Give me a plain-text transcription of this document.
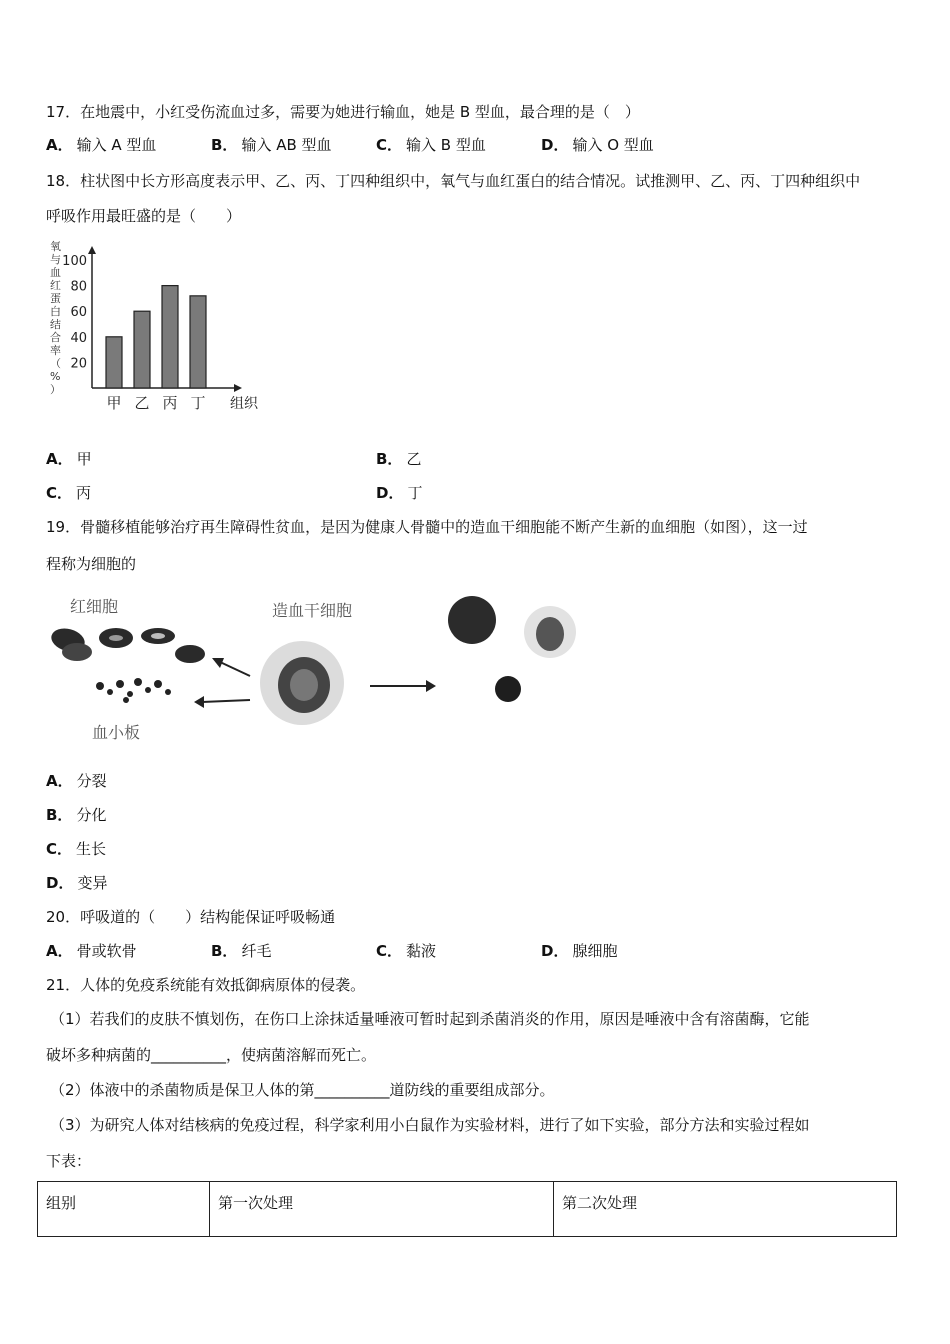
17．在地震中，小红受伤流血过多，需要为她进行输血，她是 B 型血，最合理的是（　）
A． 输入 A 型血	B． 输入 AB 型血	C． 输入 B 型血	D． 输入 O 型血
18．柱状图中长方形高度表示甲、乙、丙、丁四种组织中，氧气与血红蛋白的结合情况。试推测甲、乙、丙、丁四种组织中
呼吸作用最旺盛的是（　　）
氧
与
血
红
蛋
白
结
合
率
（
%
）
20
40
60
80
100
甲 乙 丙 丁 组织
A． 甲	B． 乙
C． 丙	D． 丁
19．骨髓移植能够治疗再生障碍性贫血，是因为健康人骨髓中的造血干细胞能不断产生新的血细胞（如图），这一过
程称为细胞的
红细胞	造血干细胞
血小板
A． 分裂
B． 分化
C． 生长
D． 变异
20．呼吸道的（　　）结构能保证呼吸畅通
A． 骨或软骨	B． 纤毛	C． 黏液	D． 腺细胞
21．人体的免疫系统能有效抵御病原体的侵袭。
（1）若我们的皮肤不慎划伤，在伤口上涂抹适量唾液可暂时起到杀菌消炎的作用，原因是唾液中含有溶菌酶，它能
破坏多种病菌的__________，使病菌溶解而死亡。
（2）体液中的杀菌物质是保卫人体的第__________道防线的重要组成部分。
（3）为研究人体对结核病的免疫过程，科学家利用小白鼠作为实验材料，进行了如下实验，部分方法和实验过程如
下表：
组别	第一次处理	第二次处理
